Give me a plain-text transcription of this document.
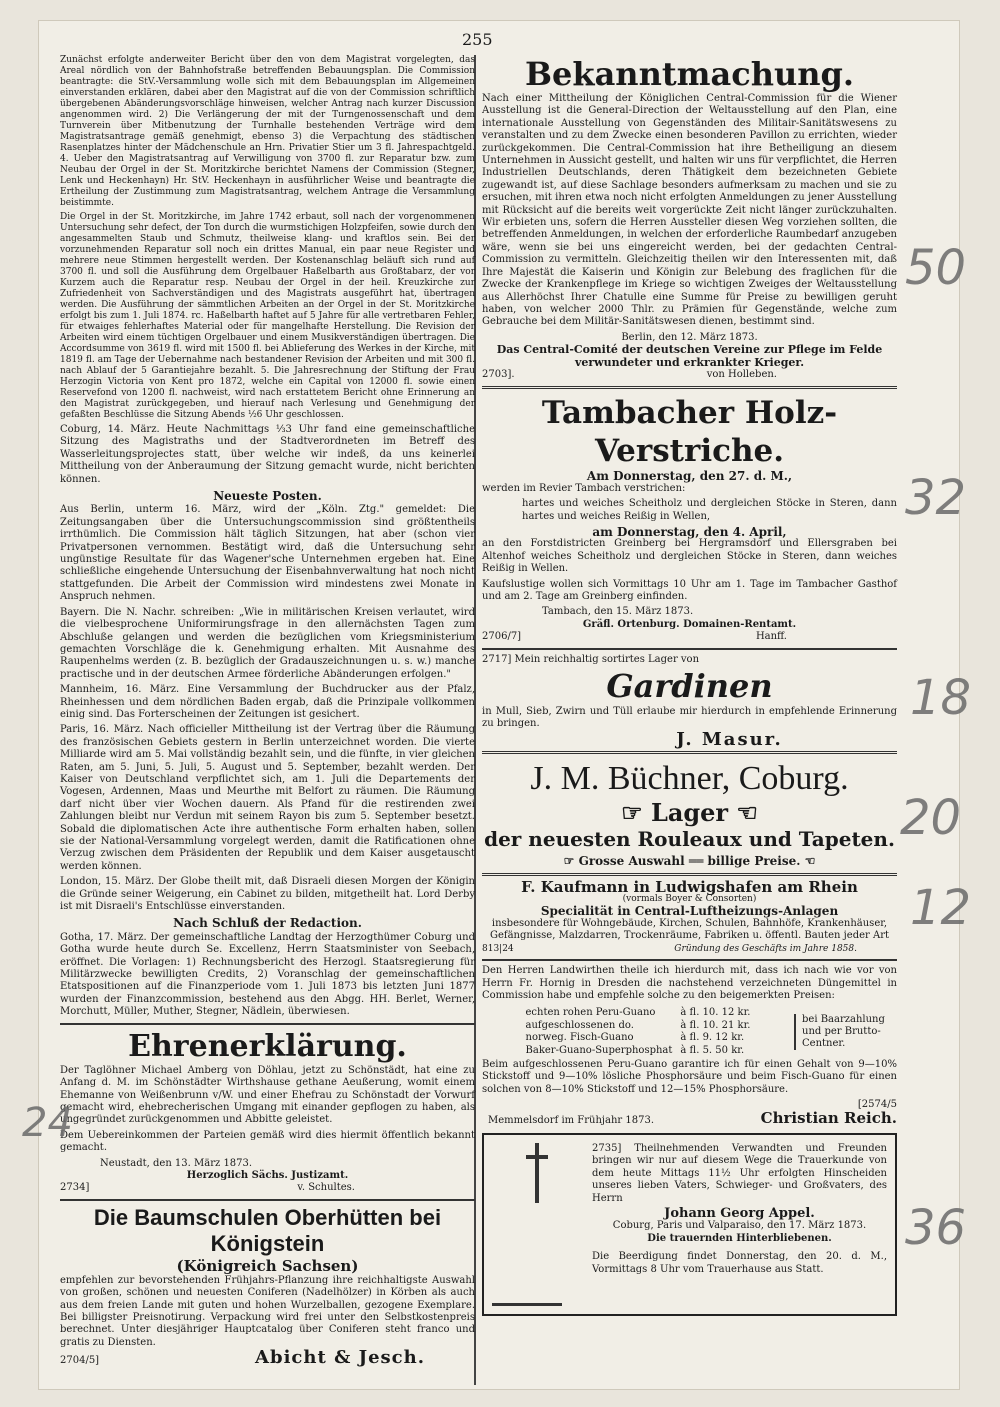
255

Zunächst erfolgte anderweiter Bericht über den von dem Magistrat vorgelegten, das Areal nördlich von der Bahnhofstraße betreffenden Bebauungsplan. Die Commission beantragte: die StV.-Versammlung wolle sich mit dem Bebauungsplan im Allgemeinen einverstanden erklären, dabei aber den Magistrat auf die von der Commission schriftlich übergebenen Abänderungsvorschläge hinweisen, welcher Antrag nach kurzer Discussion angenommen wird. 2) Die Verlängerung der mit der Turngenossenschaft und dem Turnverein über Mitbenutzung der Turnhalle bestehenden Verträge wird dem Magistratsantrage gemäß genehmigt, ebenso 3) die Verpachtung des städtischen Rasenplatzes hinter der Mädchenschule an Hrn. Privatier Stier um 3 fl. Jahrespachtgeld. 4. Ueber den Magistratsantrag auf Verwilligung von 3700 fl. zur Reparatur bzw. zum Neubau der Orgel in der St. Moritzkirche berichtet Namens der Commission (Stegner, Lenk und Heckenhayn) Hr. StV. Heckenhayn in ausführlicher Weise und beantragte die Ertheilung der Zustimmung zum Magistratsantrag, welchem Antrage die Versammlung beistimmte.

Die Orgel in der St. Moritzkirche, im Jahre 1742 erbaut, soll nach der vorgenommenen Untersuchung sehr defect, der Ton durch die wurmstichigen Holzpfeifen, sowie durch den angesammelten Staub und Schmutz, theilweise klang- und kraftlos sein. Bei der vorzunehmenden Reparatur soll noch ein drittes Manual, ein paar neue Register und mehrere neue Stimmen hergestellt werden. Der Kostenanschlag beläuft sich rund auf 3700 fl. und soll die Ausführung dem Orgelbauer Haßelbarth aus Großtabarz, der vor Kurzem auch die Reparatur resp. Neubau der Orgel in der heil. Kreuzkirche zur Zufriedenheit von Sachverständigen und des Magistrats ausgeführt hat, übertragen werden. Die Ausführung der sämmtlichen Arbeiten an der Orgel in der St. Moritzkirche erfolgt bis zum 1. Juli 1874. rc. Haßelbarth haftet auf 5 Jahre für alle vertretbaren Fehler, für etwaiges fehlerhaftes Material oder für mangelhafte Herstellung. Die Revision der Arbeiten wird einem tüchtigen Orgelbauer und einem Musikverständigen übertragen. Die Accordsumme von 3619 fl. wird mit 1500 fl. bei Ablieferung des Werkes in der Kirche, mit 1819 fl. am Tage der Uebernahme nach bestandener Revision der Arbeiten und mit 300 fl. nach Ablauf der 5 Garantiejahre bezahlt. 5. Die Jahresrechnung der Stiftung der Frau Herzogin Victoria von Kent pro 1872, welche ein Capital von 12000 fl. sowie einen Reservefond von 1200 fl. nachweist, wird nach erstattetem Bericht ohne Erinnerung an den Magistrat zurückgegeben, und hierauf nach Verlesung und Genehmigung der gefaßten Beschlüsse die Sitzung Abends ½6 Uhr geschlossen.

Coburg, 14. März. Heute Nachmittags ⅓3 Uhr fand eine gemeinschaftliche Sitzung des Magistraths und der Stadtverordneten im Betreff des Wasserleitungsprojectes statt, über welche wir indeß, da uns keinerlei Mittheilung von der Anberaumung der Sitzung gemacht wurde, nicht berichten können.

Neueste Posten.

Aus Berlin, unterm 16. März, wird der „Köln. Ztg." gemeldet: Die Zeitungsangaben über die Untersuchungscommission sind größtentheils irrthümlich. Die Commission hält täglich Sitzungen, hat aber (schon vier Privatpersonen vernommen. Bestätigt wird, daß die Untersuchung sehr ungünstige Resultate für das Wagener'sche Unternehmen ergeben hat. Eine schließliche eingehende Untersuchung der Eisenbahnverwaltung hat noch nicht stattgefunden. Die Arbeit der Commission wird mindestens zwei Monate in Anspruch nehmen.

Bayern. Die N. Nachr. schreiben: „Wie in militärischen Kreisen verlautet, wird die vielbesprochene Uniformirungsfrage in den allernächsten Tagen zum Abschluße gelangen und werden die bezüglichen vom Kriegsministerium gemachten Vorschläge die k. Genehmigung erhalten. Mit Ausnahme des Raupenhelms werden (z. B. bezüglich der Gradauszeichnungen u. s. w.) manche practische und in der deutschen Armee förderliche Abänderungen erfolgen."

Mannheim, 16. März. Eine Versammlung der Buchdrucker aus der Pfalz, Rheinhessen und dem nördlichen Baden ergab, daß die Prinzipale vollkommen einig sind. Das Forterscheinen der Zeitungen ist gesichert.

Paris, 16. März. Nach officieller Mittheilung ist der Vertrag über die Räumung des französischen Gebiets gestern in Berlin unterzeichnet worden. Die vierte Milliarde wird am 5. Mai vollständig bezahlt sein, und die fünfte, in vier gleichen Raten, am 5. Juni, 5. Juli, 5. August und 5. September, bezahlt werden. Der Kaiser von Deutschland verpflichtet sich, am 1. Juli die Departements der Vogesen, Ardennen, Maas und Meurthe mit Belfort zu räumen. Die Räumung darf nicht über vier Wochen dauern. Als Pfand für die restirenden zwei Zahlungen bleibt nur Verdun mit seinem Rayon bis zum 5. September besetzt. Sobald die diplomatischen Acte ihre authentische Form erhalten haben, sollen sie der National-Versammlung vorgelegt werden, damit die Ratificationen ohne Verzug zwischen dem Präsidenten der Republik und dem Kaiser ausgetauscht werden können.

London, 15. März. Der Globe theilt mit, daß Disraeli diesen Morgen der Königin die Gründe seiner Weigerung, ein Cabinet zu bilden, mitgetheilt hat. Lord Derby ist mit Disraeli's Entschlüsse einverstanden.

Nach Schluß der Redaction.

Gotha, 17. März. Der gemeinschaftliche Landtag der Herzogthümer Coburg und Gotha wurde heute durch Se. Excellenz, Herrn Staatsminister von Seebach, eröffnet. Die Vorlagen: 1) Rechnungsbericht des Herzogl. Staatsregierung für Militärzwecke bewilligten Credits, 2) Voranschlag der gemeinschaftlichen Etatspositionen auf die Finanzperiode vom 1. Juli 1873 bis letzten Juni 1877 wurden der Finanzcommission, bestehend aus den Abgg. HH. Berlet, Werner, Morchutt, Müller, Muther, Stegner, Nädlein, überwiesen.

Ehrenerklärung.

Der Taglöhner Michael Amberg von Döhlau, jetzt zu Schönstädt, hat eine zu Anfang d. M. im Schönstädter Wirthshause gethane Aeußerung, womit einem Ehemanne von Weißenbrunn v/W. und einer Ehefrau zu Schönstadt der Vorwurf gemacht wird, ehebrecherischen Umgang mit einander gepflogen zu haben, als ungegründet zurückgenommen und Abbitte geleistet.

Dem Uebereinkommen der Parteien gemäß wird dies hiermit öffentlich bekannt gemacht.

Neustadt, den 13. März 1873.
Herzoglich Sächs. Justizamt.
2734]	v. Schultes.
Die Baumschulen Oberhütten bei Königstein
(Königreich Sachsen)

empfehlen zur bevorstehenden Frühjahrs-Pflanzung ihre reichhaltigste Auswahl von großen, schönen und neuesten Coniferen (Nadelhölzer) in Körben als auch aus dem freien Lande mit guten und hohen Wurzelballen, gezogene Exemplare. Bei billigster Preisnotirung. Verpackung wird frei unter den Selbstkostenpreis berechnet. Unter diesjähriger Hauptcatalog über Coniferen steht franco und gratis zu Diensten.

2704/5]	Abicht & Jesch.
Bekanntmachung.

Nach einer Mittheilung der Königlichen Central-Commission für die Wiener Ausstellung ist die General-Direction der Weltausstellung auf den Plan, eine internationale Ausstellung von Gegenständen des Militair-Sanitätswesens zu veranstalten und zu dem Zwecke einen besonderen Pavillon zu errichten, wieder zurückgekommen. Die Central-Commission hat ihre Betheiligung an diesem Unternehmen in Aussicht gestellt, und halten wir uns für verpflichtet, die Herren Industriellen Deutschlands, deren Thätigkeit dem bezeichneten Gebiete zugewandt ist, auf diese Sachlage besonders aufmerksam zu machen und sie zu ersuchen, mit ihren etwa noch nicht erfolgten Anmeldungen zu jener Ausstellung mit Rücksicht auf die bereits weit vorgerückte Zeit nicht länger zurückzuhalten. Wir erbieten uns, sofern die Herren Aussteller diesen Weg vorziehen sollten, die betreffenden Anmeldungen, in welchen der erforderliche Raumbedarf anzugeben wäre, wenn sie bei uns eingereicht werden, bei der gedachten Central-Commission zu vermitteln. Gleichzeitig theilen wir den Interessenten mit, daß Ihre Majestät die Kaiserin und Königin zur Belebung des fraglichen für die Zwecke der Krankenpflege im Kriege so wichtigen Zweiges der Weltausstellung aus Allerhöchst Ihrer Chatulle eine Summe für Preise zu bewilligen geruht haben, von welcher 2000 Thlr. zu Prämien für Gegenstände, welche zum Gebrauche bei dem Militär-Sanitätswesen dienen, bestimmt sind.

Berlin, den 12. März 1873.
Das Central-Comité der deutschen Vereine zur Pflege im Felde verwundeter und erkrankter Krieger.
2703].	von Holleben.
Tambacher Holz-Verstriche.
Am Donnerstag, den 27. d. M.,

werden im Revier Tambach verstrichen:

hartes und weiches Scheitholz und dergleichen Stöcke in Steren, dann hartes und weiches Reißig in Wellen,

am Donnerstag, den 4. April,

an den Forstdistricten Greinberg bei Hergramsdorf und Ellersgraben bei Altenhof weiches Scheitholz und dergleichen Stöcke in Steren, dann weiches Reißig in Wellen.

Kaufslustige wollen sich Vormittags 10 Uhr am 1. Tage im Tambacher Gasthof und am 2. Tage am Greinberg einfinden.

Tambach, den 15. März 1873.
Gräfl. Ortenburg. Domainen-Rentamt.
2706/7]	Hanff.
2717] Mein reichhaltig sortirtes Lager von
Gardinen

in Mull, Sieb, Zwirn und Tüll erlaube mir hierdurch in empfehlende Erinnerung zu bringen.

J. Masur.
J. M. Büchner, Coburg.
☞ Lager ☜
der neuesten Rouleaux und Tapeten.
☞ Grosse Auswahl ══ billige Preise. ☜
F. Kaufmann in Ludwigshafen am Rhein
(vormals Boyer & Consorten)
Specialität in Central-Luftheizungs-Anlagen
insbesondere für Wohngebäude, Kirchen, Schulen, Bahnhöfe, Krankenhäuser, Gefängnisse, Malzdarren, Trockenräume, Fabriken u. öffentl. Bauten jeder Art
813|24	Gründung des Geschäfts im Jahre 1858.

Den Herren Landwirthen theile ich hierdurch mit, dass ich nach wie vor von Herrn Fr. Hornig in Dresden die nachstehend verzeichneten Düngemittel in Commission habe und empfehle solche zu den beigemerkten Preisen:

echten rohen Peru-Guano	à fl. 10. 12 kr.
aufgeschlossenen do.	à fl. 10. 21 kr.
norweg. Fisch-Guano	à fl. 9. 12 kr.
Baker-Guano-Superphosphat	à fl. 5. 50 kr.
bei Baarzahlung und per Brutto-Centner.

Beim aufgeschlossenen Peru-Guano garantire ich für einen Gehalt von 9—10% Stickstoff und 9—10% lösliche Phosphorsäure und beim Fisch-Guano für einen solchen von 8—10% Stickstoff und 12—15% Phosphorsäure.

[2574/5
Memmelsdorf im Frühjahr 1873.	Christian Reich.

2735] Theilnehmenden Verwandten und Freunden bringen wir nur auf diesem Wege die Trauerkunde von dem heute Mittags 11½ Uhr erfolgten Hinscheiden unseres lieben Vaters, Schwieger- und Großvaters, des Herrn

Johann Georg Appel.
Coburg, Paris und Valparaiso, den 17. März 1873.
Die trauernden Hinterbliebenen.

Die Beerdigung findet Donnerstag, den 20. d. M., Vormittags 8 Uhr vom Trauerhause aus Statt.

50
32
18
20
12
36
24
